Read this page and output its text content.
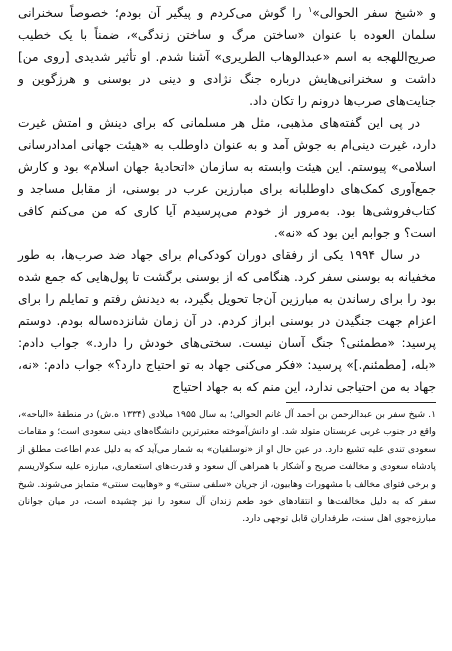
و «شیخ سفر الحوالی»$^۱$ را گوش می‌کردم و پیگیر آن بودم؛ خصوصاً سخنرانی سلمان العوده با عنوان «ساختن مرگ و ساختن زندگی»، ضمناً با یک خطیب صریح‌اللهجه به اسم «عبدالوهاب الطریری» آشنا شدم. او تأثیر شدیدی [روی من] داشت و سخنرانی‌هایش درباره جنگ نژادی و دینی در بوسنی و هرزگوین و جنایت‌های صرب‌ها درونم را تکان داد.

در پی این گفته‌های مذهبی، مثل هر مسلمانی که برای دینش و امتش غیرت دارد، غیرت دینی‌ام به جوش آمد و به عنوان داوطلب به «هیئت جهانی امدادرسانی اسلامی» پیوستم. این هیئت وابسته به سازمان «اتحادیهٔ جهان اسلام» بود و کارش جمع‌آوری کمک‌های داوطلبانه برای مبارزین عرب در بوسنی، از مقابل مساجد و کتاب‌فروشی‌ها بود. به‌مرور از خودم می‌پرسیدم آیا کاری که من می‌کنم کافی است؟ و جوابم این بود که «نه».

در سال ۱۹۹۴ یکی از رفقای دوران کودکی‌ام برای جهاد ضد صرب‌ها، به طور مخفیانه به بوسنی سفر کرد. هنگامی که از بوسنی برگشت تا پول‌هایی که جمع شده بود را برای رساندن به مبارزین آن‌جا تحویل بگیرد، به دیدنش رفتم و تمایلم را برای اعزام جهت جنگیدن در بوسنی ابراز کردم. در آن زمان شانزده‌ساله بودم. دوستم پرسید: «مطمئنی؟ جنگ آسان نیست. سختی‌های خودش را دارد.» جواب دادم: «بله، [مطمئنم.]» پرسید: «فکر می‌کنی جهاد به تو احتیاج دارد؟» جواب دادم: «نه، جهاد به من احتیاجی ندارد، این منم که به جهاد احتیاج

۱. شیخ سفر بن عبدالرحمن بن أحمد آل غانم الحوالی؛ به سال ۱۹۵۵ میلادی (۱۳۳۴ ه.ش) در منطقهٔ «الباحه»، واقع در جنوب غربی عربستان متولد شد. او دانش‌آموخته معتبرترین دانشگاه‌های دینی سعودی است؛ و مقامات سعودی تندی علیه تشیع دارد. در عین حال او از «نوسلفیان» به شمار می‌آید که به دلیل عدم اطاعت مطلق از پادشاه سعودی و مخالفت صریح و آشکار با همراهی آل سعود و قدرت‌های استعماری، مبارزه علیه سکولاریسم و برخی فتوای مخالف با مشهورات وهابیون، از جریان «سلفی سنتی» و «وهابیت سنتی» متمایز می‌شوند. شیخ سفر که به دلیل مخالفت‌ها و انتقادهای خود طعم زندان آل سعود را نیز چشیده است، در میان جوانان مبارزه‌جوی اهل سنت، طرفداران قابل توجهی دارد.
